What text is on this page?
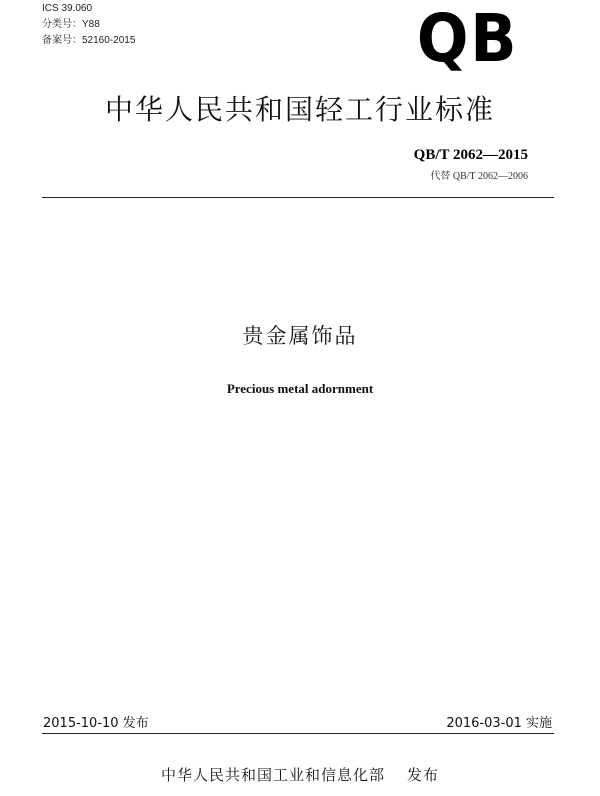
ICS 39.060
分类号：Y88
备案号：52160-2015	QB
中华人民共和国轻工行业标准
QB/T 2062—2015
代替 QB/T 2062—2006
贵金属饰品
Precious metal adornment
2015-10-10 发布	2016-03-01 实施
中华人民共和国工业和信息化部 发布
